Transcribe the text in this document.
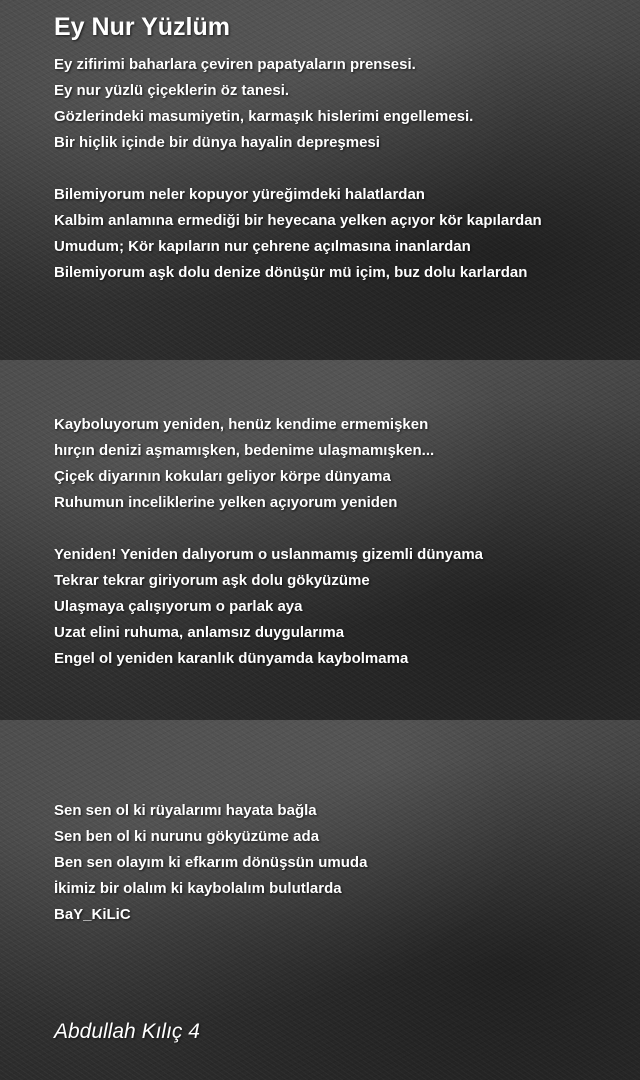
Ey Nur Yüzlüm
Ey zifirimi baharlara çeviren papatyaların prensesi.
Ey nur yüzlü çiçeklerin öz tanesi.
Gözlerindeki masumiyetin, karmaşık hislerimi engellemesi.
Bir hiçlik içinde bir dünya hayalin depreşmesi
Bilemiyorum neler kopuyor yüreğimdeki halatlardan
Kalbim anlamına ermediği bir heyecana yelken açıyor kör kapılardan
Umudum; Kör kapıların nur çehrene açılmasına inanlardan
Bilemiyorum aşk dolu denize dönüşür mü içim, buz dolu karlardan
Kayboluyorum yeniden, henüz kendime ermemişken
hırçın denizi aşmamışken, bedenime ulaşmamışken...
Çiçek diyarının kokuları geliyor körpe dünyama
Ruhumun inceliklerine yelken açıyorum yeniden
Yeniden! Yeniden dalıyorum o uslanmamış gizemli dünyama
Tekrar tekrar giriyorum aşk dolu gökyüzüme
Ulaşmaya çalışıyorum o parlak aya
Uzat elini ruhuma, anlamsız duygularıma
Engel ol yeniden karanlık dünyamda kaybolmama
Sen sen ol ki rüyalarımı hayata bağla
Sen ben ol ki nurunu gökyüzüme ada
Ben sen olayım ki efkarım dönüşsün umuda
İkimiz bir olalım ki kaybolalım bulutlarda
BaY_KiLiC

Abdullah Kılıç 4
